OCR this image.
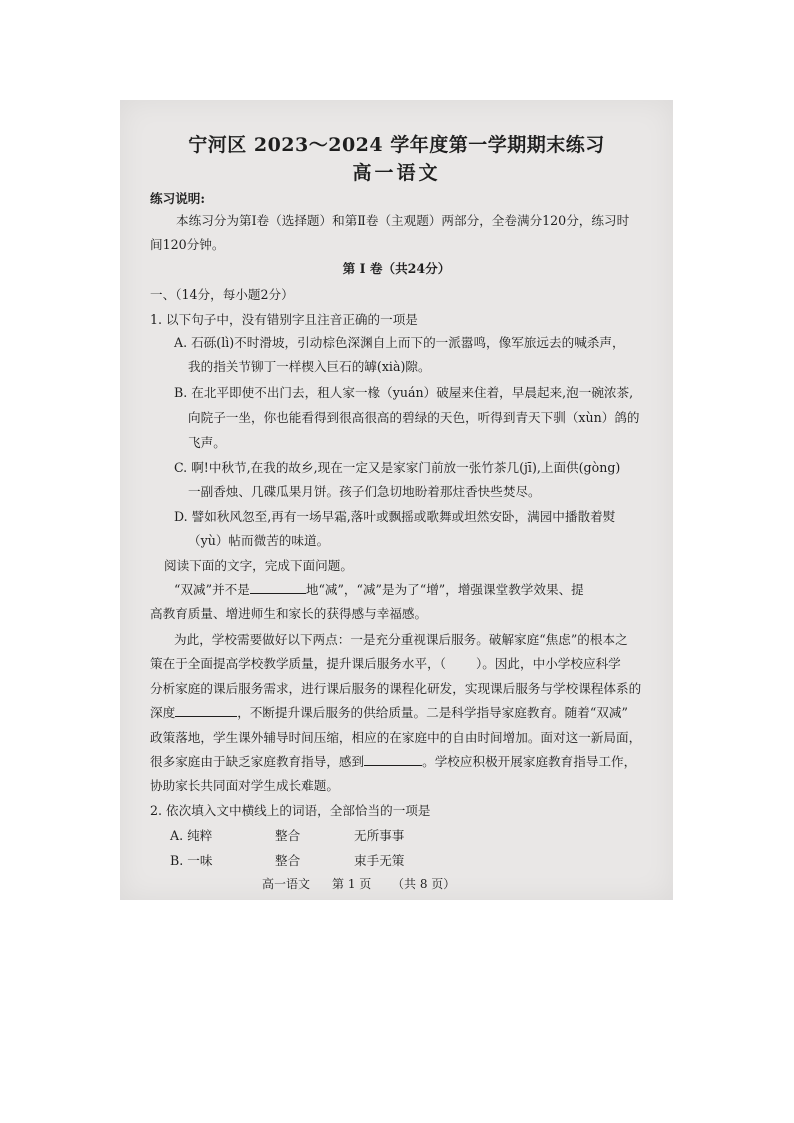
宁河区 2023～2024 学年度第一学期期末练习
高一语文
练习说明:
本练习分为第Ⅰ卷（选择题）和第Ⅱ卷（主观题）两部分，全卷满分120分，练习时
间120分钟。
第 Ⅰ 卷（共24分）
一、（14分，每小题2分）
1. 以下句子中，没有错别字且注音正确的一项是
A. 石砾(lì)不时滑坡，引动棕色深渊自上而下的一派嚣鸣，像军旅远去的喊杀声，
我的指关节铆丁一样楔入巨石的罅(xià)隙。
B. 在北平即使不出门去，租人家一椽（yuán）破屋来住着，早晨起来,泡一碗浓茶,
向院子一坐，你也能看得到很高很高的碧绿的天色，听得到青天下驯（xùn）鸽的
飞声。
C. 啊!中秋节,在我的故乡,现在一定又是家家门前放一张竹茶几(jī),上面供(gòng)
一副香烛、几碟瓜果月饼。孩子们急切地盼着那炷香快些焚尽。
D. 譬如秋风忽至,再有一场早霜,落叶或飘摇或歌舞或坦然安卧，满园中播散着熨
（yù）帖而微苦的味道。
阅读下面的文字，完成下面问题。
“双减”并不是	地“减”，“减”是为了“增”，增强课堂教学效果、提
高教育质量、增进师生和家长的获得感与幸福感。
为此，学校需要做好以下两点：一是充分重视课后服务。破解家庭“焦虑”的根本之
策在于全面提高学校教学质量，提升课后服务水平，（ ）。因此，中小学校应科学
分析家庭的课后服务需求，进行课后服务的课程化研发，实现课后服务与学校课程体系的
深度	，不断提升课后服务的供给质量。二是科学指导家庭教育。随着“双减”
政策落地，学生课外辅导时间压缩，相应的在家庭中的自由时间增加。面对这一新局面，
很多家庭由于缺乏家庭教育指导，感到	。学校应积极开展家庭教育指导工作，
协助家长共同面对学生成长难题。
2. 依次填入文中横线上的词语，全部恰当的一项是
A. 纯粹	整合	无所事事
B. 一味	整合	束手无策
高一语文 第 1 页 （共 8 页）
